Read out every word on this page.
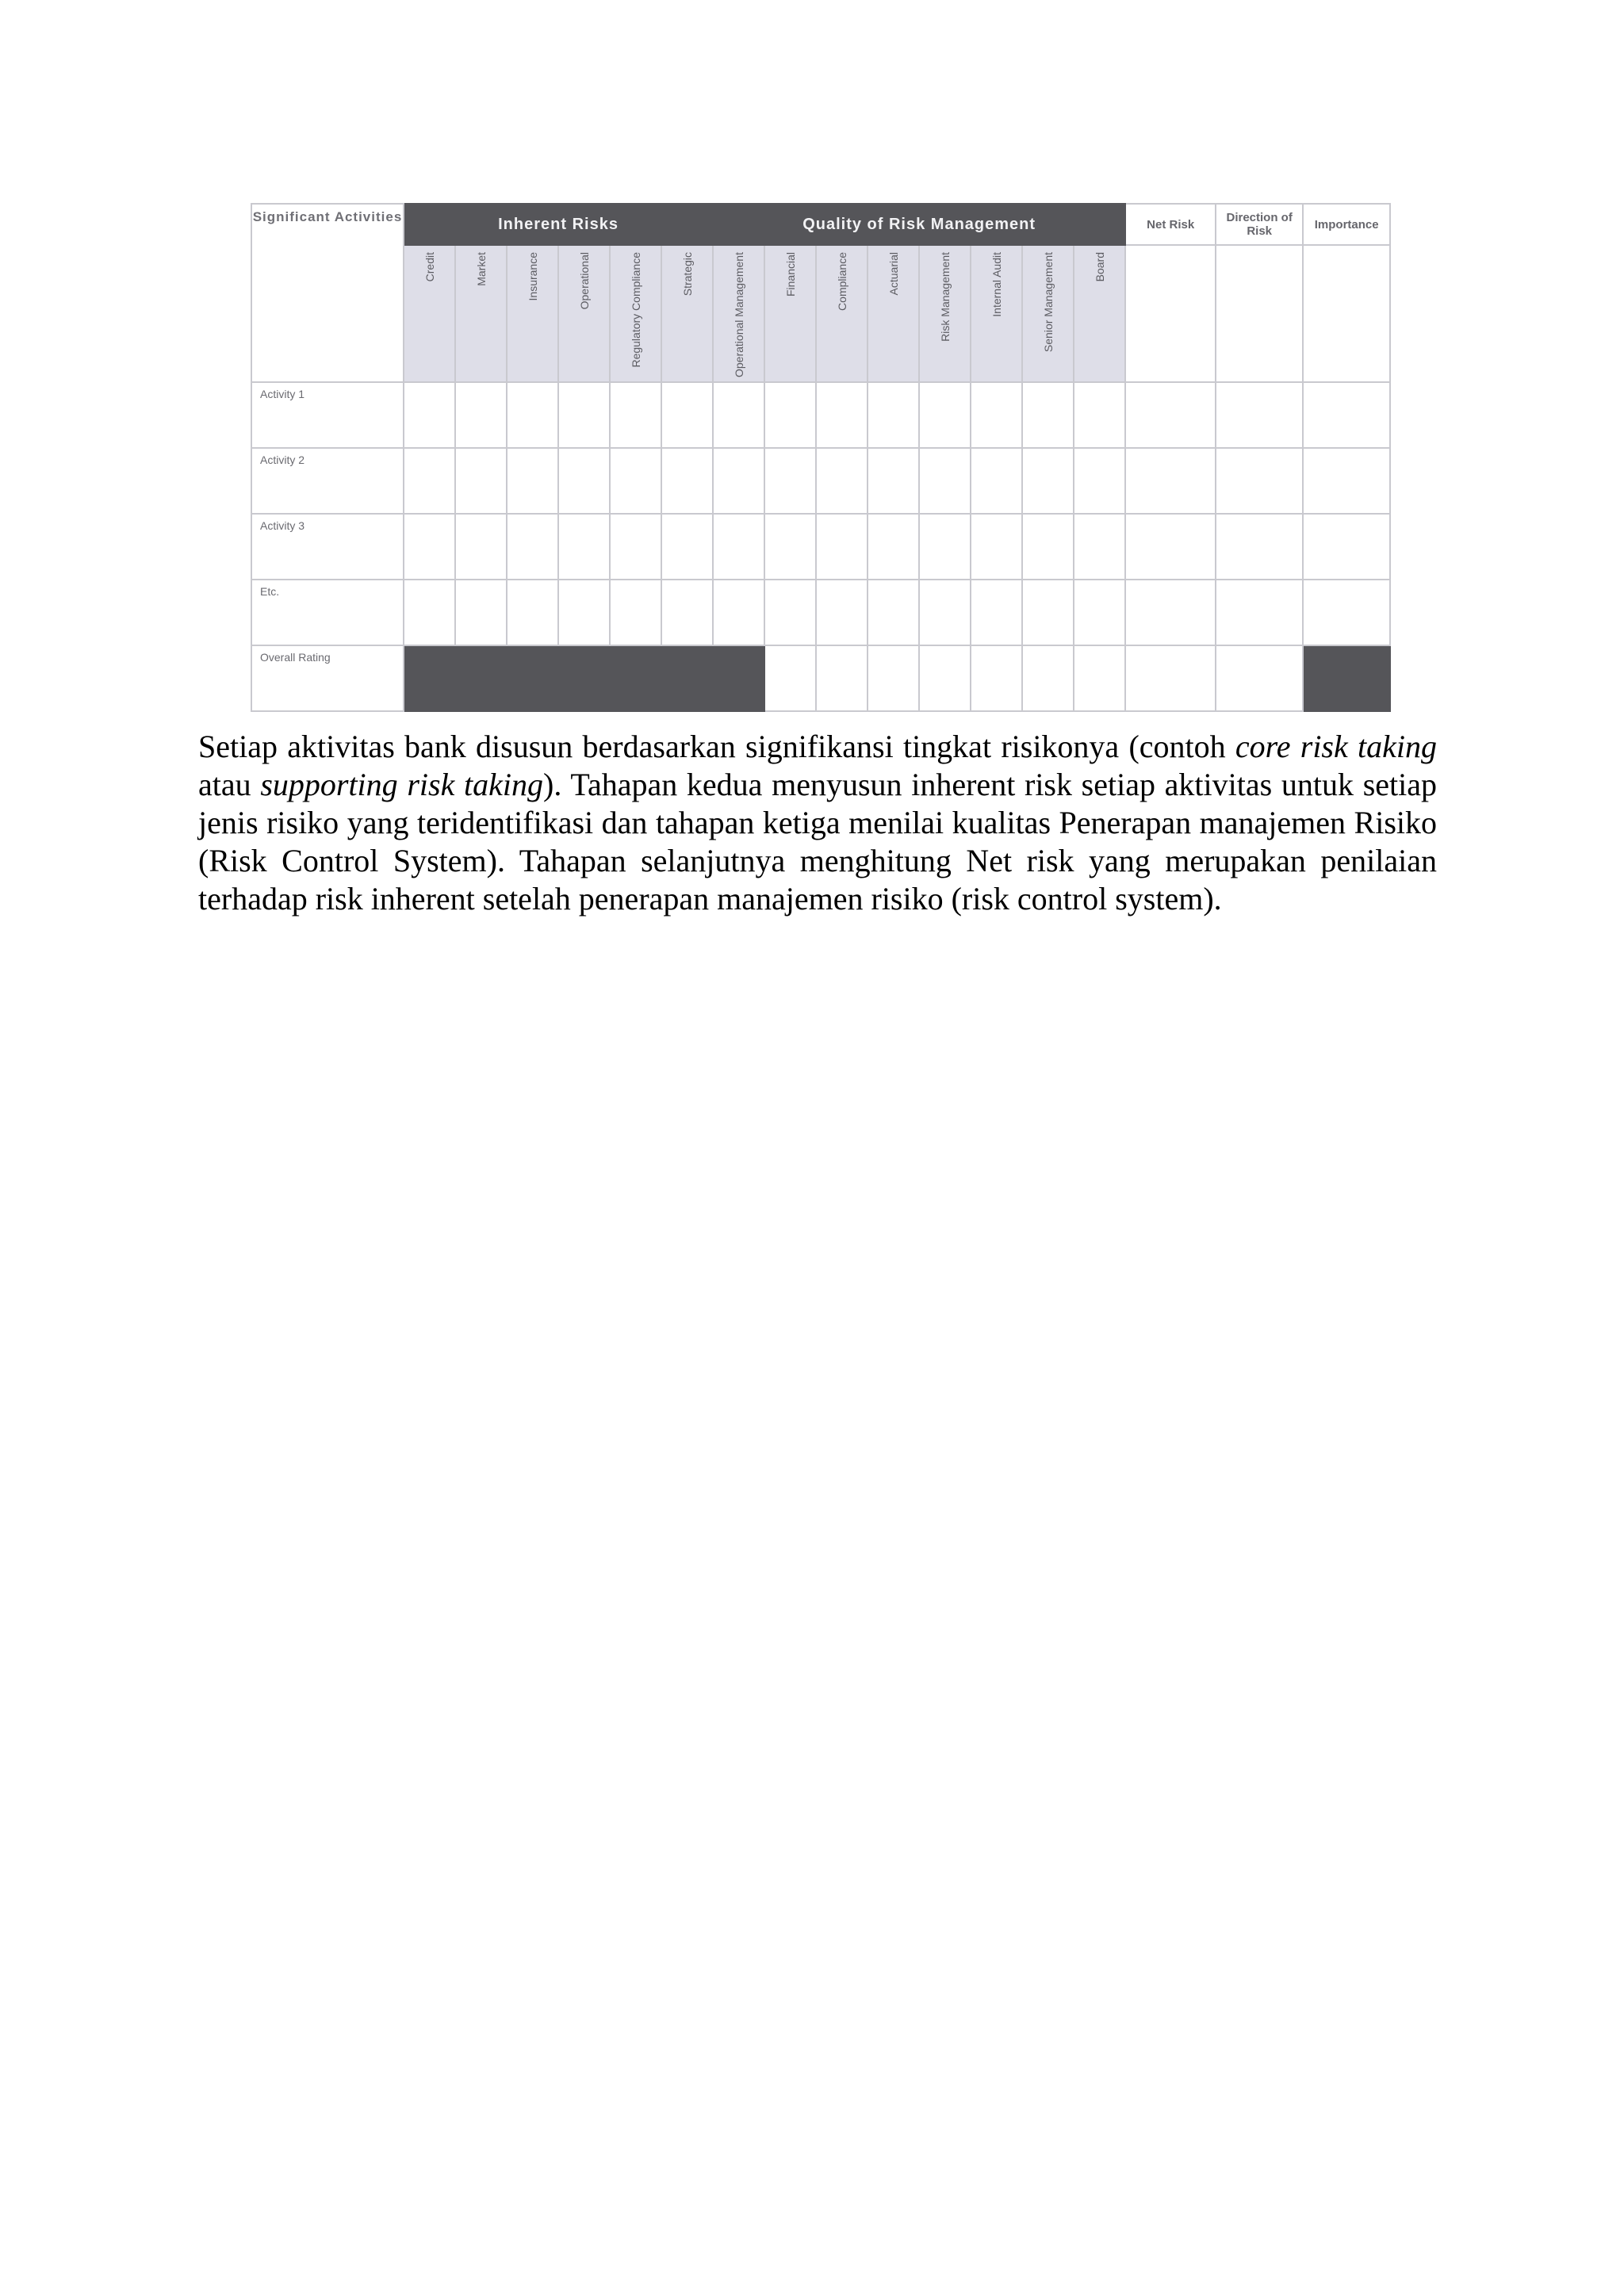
Significant Activities	Inherent Risks						Quality of Risk Management								Net Risk	Direction of Risk	Importance

	Credit	Market	Insurance	Operational	Regulatory Compliance	Strategic	Operational Management	Financial	Compliance	Actuarial	Risk Management	Internal Audit	Senior Management	Board			

Activity 1																	
Activity 2																	
Activity 3																	
Etc.																	
Overall Rating																	

Setiap aktivitas bank disusun berdasarkan signifikansi tingkat risikonya (contoh core risk taking atau supporting risk taking). Tahapan kedua menyusun inherent risk setiap aktivitas untuk setiap jenis risiko yang teridentifikasi dan tahapan ketiga menilai kualitas Penerapan manajemen Risiko (Risk Control System). Tahapan selanjutnya menghitung Net risk yang merupakan penilaian terhadap risk inherent setelah penerapan manajemen risiko (risk control system).
